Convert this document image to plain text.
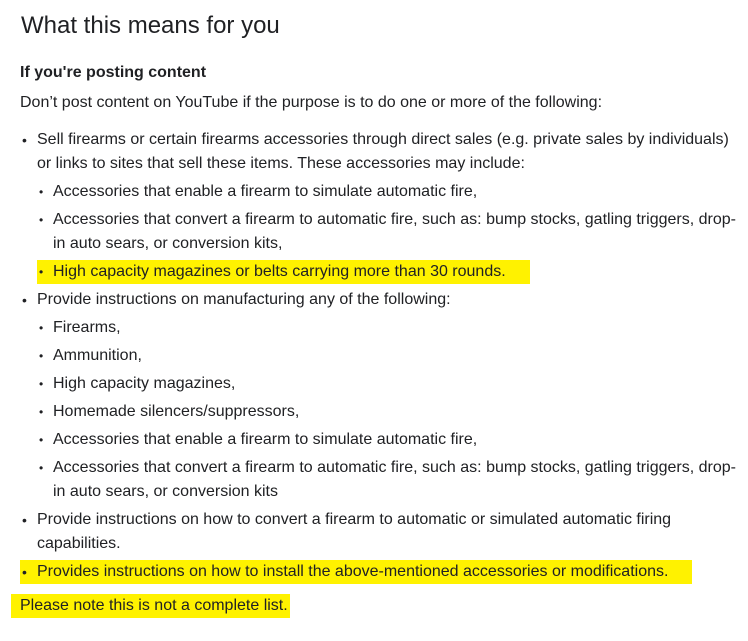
What this means for you
If you're posting content
Don’t post content on YouTube if the purpose is to do one or more of the following:
• Sell firearms or certain firearms accessories through direct sales (e.g. private sales by individuals) or links to sites that sell these items. These accessories may include:
• Accessories that enable a firearm to simulate automatic fire,
• Accessories that convert a firearm to automatic fire, such as: bump stocks, gatling triggers, drop-in auto sears, or conversion kits,
• High capacity magazines or belts carrying more than 30 rounds.
• Provide instructions on manufacturing any of the following:
• Firearms,
• Ammunition,
• High capacity magazines,
• Homemade silencers/suppressors,
• Accessories that enable a firearm to simulate automatic fire,
• Accessories that convert a firearm to automatic fire, such as: bump stocks, gatling triggers, drop-in auto sears, or conversion kits
• Provide instructions on how to convert a firearm to automatic or simulated automatic firing capabilities.
• Provides instructions on how to install the above-mentioned accessories or modifications.
Please note this is not a complete list.
